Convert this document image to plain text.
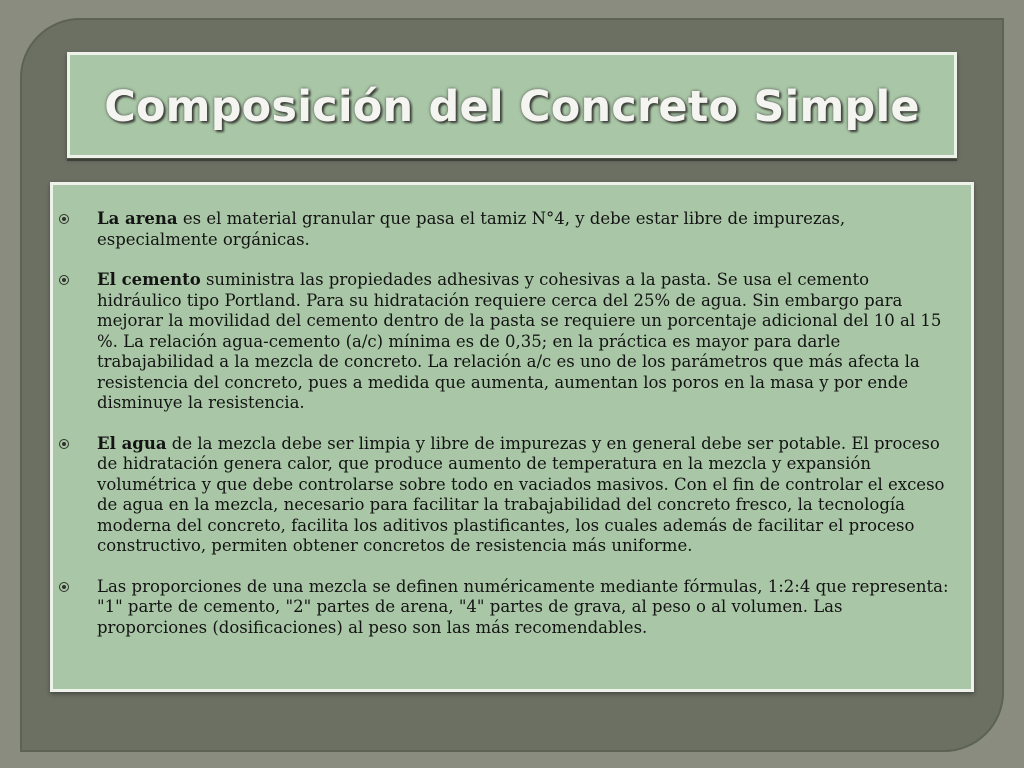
Composición del Concreto Simple
La arena es el material granular que pasa el tamiz N°4, y debe estar libre de impurezas, especialmente orgánicas.
El cemento suministra las propiedades adhesivas y cohesivas a la pasta. Se usa el cemento hidráulico tipo Portland. Para su hidratación requiere cerca del 25% de agua. Sin embargo para mejorar la movilidad del cemento dentro de la pasta se requiere un porcentaje adicional del 10 al 15 %. La relación agua-cemento (a/c) mínima es de 0,35; en la práctica es mayor para darle trabajabilidad a la mezcla de concreto. La relación a/c es uno de los parámetros que más afecta la resistencia del concreto, pues a medida que aumenta, aumentan los poros en la masa y por ende disminuye la resistencia.
El agua de la mezcla debe ser limpia y libre de impurezas y en general debe ser potable. El proceso de hidratación genera calor, que produce aumento de temperatura en la mezcla y expansión volumétrica y que debe controlarse sobre todo en vaciados masivos. Con el fin de controlar el exceso de agua en la mezcla, necesario para facilitar la trabajabilidad del concreto fresco, la tecnología moderna del concreto, facilita los aditivos plastificantes, los cuales además de facilitar el proceso constructivo, permiten obtener concretos de resistencia más uniforme.
Las proporciones de una mezcla se definen numéricamente mediante fórmulas, 1:2:4 que representa: "1" parte de cemento, "2" partes de arena, "4" partes de grava, al peso o al volumen. Las proporciones (dosificaciones) al peso son las más recomendables.
